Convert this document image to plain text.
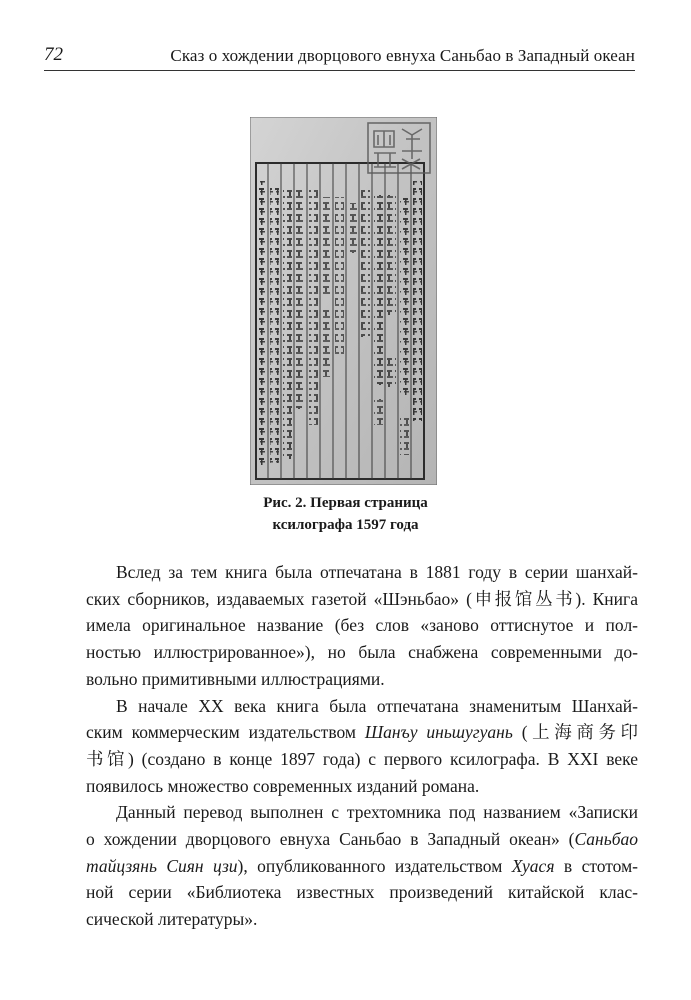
72	Сказ о хождении дворцового евнуха Саньбао в Западный океан
Рис. 2. Первая страница
ксилографа 1597 года
Вслед за тем книга была отпечатана в 1881 году в серии шанхай-
ских сборников, издаваемых газетой «Шэньбао» (申报馆丛书). Книга
имела оригинальное название (без слов «заново оттиснутое и пол-
ностью иллюстрированное»), но была снабжена современными до-
вольно примитивными иллюстрациями.
В начале XX века книга была отпечатана знаменитым Шанхай-
ским коммерческим издательством Шанъу иньшугуань (上海商务印
书馆) (создано в конце 1897 года) с первого ксилографа. В XXI веке
появилось множество современных изданий романа.
Данный перевод выполнен с трехтомника под названием «Записки
о хождении дворцового евнуха Саньбао в Западный океан» (Саньбао
тайцзянь Сиян цзи), опубликованного издательством Хуася в стотом-
ной серии «Библиотека известных произведений китайской клас-
сической литературы».
